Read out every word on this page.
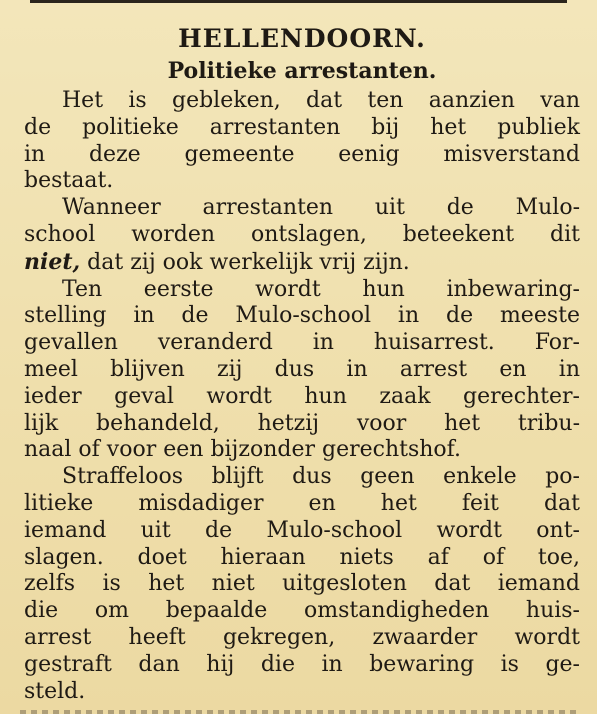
HELLENDOORN.
Politieke arrestanten.
Het is gebleken, dat ten aanzien van
de politieke arrestanten bij het publiek
in deze gemeente eenig misverstand
bestaat.
Wanneer arrestanten uit de Mulo-
school worden ontslagen, beteekent dit
niet, dat zij ook werkelijk vrij zijn.
Ten eerste wordt hun inbewaring-
stelling in de Mulo-school in de meeste
gevallen veranderd in huisarrest. For-
meel blijven zij dus in arrest en in
ieder geval wordt hun zaak gerechter-
lijk behandeld, hetzij voor het tribu-
naal of voor een bijzonder gerechtshof.
Straffeloos blijft dus geen enkele po-
litieke misdadiger en het feit dat
iemand uit de Mulo-school wordt ont-
slagen. doet hieraan niets af of toe,
zelfs is het niet uitgesloten dat iemand
die om bepaalde omstandigheden huis-
arrest heeft gekregen, zwaarder wordt
gestraft dan hij die in bewaring is ge-
steld.
